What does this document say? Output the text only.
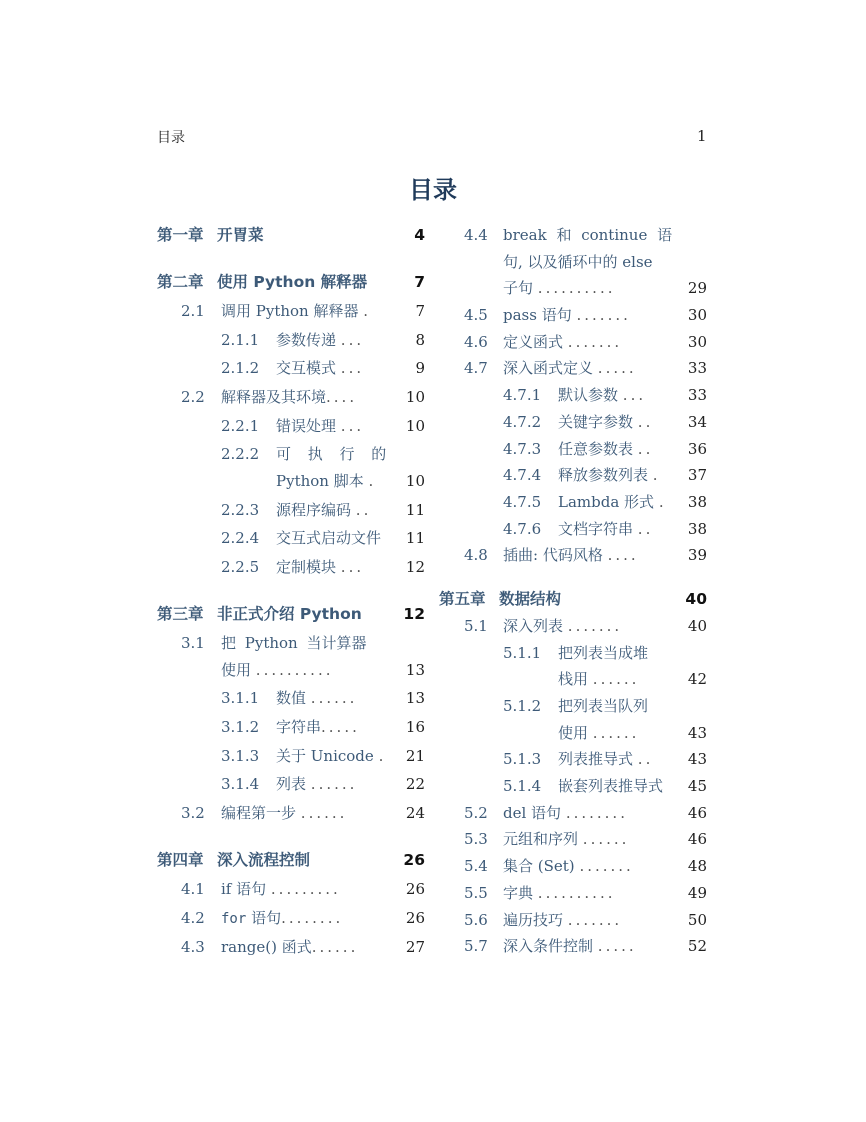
目录	1
目录
第一章 开胃菜	4
第二章 使用 Python 解释器	7
2.1 调用 Python 解释器 .	7
2.1.1 参数传递 ...	8
2.1.2 交互模式 ...	9
2.2 解释器及其环境....	10
2.2.1 错误处理 ...	10
2.2.2 可 执 行 的
Python 脚本 . 10
2.2.3 源程序编码 .. 11
2.2.4 交互式启动文件 11
2.2.5 定制模块 ...	12
第三章 非正式介绍 Python	12
3.1 把 Python 当计算器
使用 ..........	13
3.1.1 数值 ......	13
3.1.2 字符串.....	16
3.1.3 关于 Unicode . 21
3.1.4 列表 ......	22
3.2 编程第一步 ......	24
第四章 深入流程控制	26
4.1 if 语句 .........	26
4.2 for 语句........	26
4.3 range() 函式......	27
4.4 break 和 continue 语
句, 以及循环中的 else
子句 ..........	29
4.5 pass 语句 .......	30
4.6 定义函式 .......	30
4.7 深入函式定义 .....	33
4.7.1 默认参数 ...	33
4.7.2 关键字参数 .. 34
4.7.3 任意参数表 .. 36
4.7.4 释放参数列表 . 37
4.7.5 Lambda 形式 . 38
4.7.6 文档字符串 .. 38
4.8 插曲: 代码风格 ....	39
第五章 数据结构	40
5.1 深入列表 .......	40
5.1.1 把列表当成堆
栈用 ......	42
5.1.2 把列表当队列
使用 ......	43
5.1.3 列表推导式 .. 43
5.1.4 嵌套列表推导式 45
5.2 del 语句 ........	46
5.3 元组和序列 ......	46
5.4 集合 (Set) .......	48
5.5 字典 ..........	49
5.6 遍历技巧 .......	50
5.7 深入条件控制 .....	52
